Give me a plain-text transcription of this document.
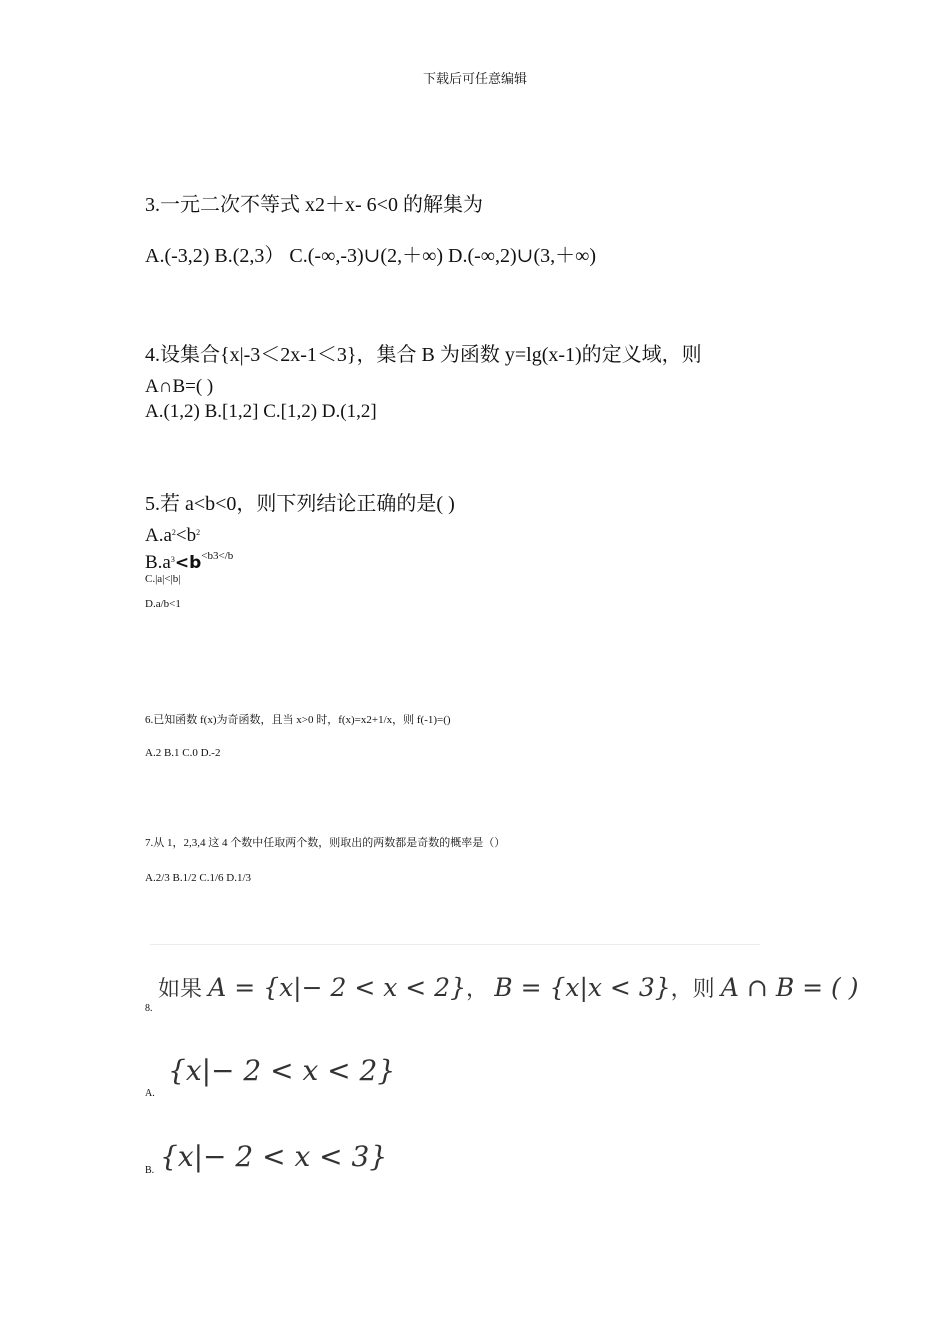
下载后可任意编辑
3.一元二次不等式 x2＋x- 6<0 的解集为
A.(-3,2) B.(2,3） C.(-∞,-3)∪(2,＋∞) D.(-∞,2)∪(3,＋∞)
4.设集合{x|-3＜2x-1＜3}，集合 B 为函数 y=lg(x-1)的定义域，则
A∩B=( )
A.(1,2) B.[1,2] C.[1,2) D.(1,2]
5.若 a<b<0，则下列结论正确的是( )
$A.a^2<b^2$
$B.a^3<b^{<b3</b}$
C.|a|<|b|
D.a/b<1
6.已知函数 f(x)为奇函数，且当 x>0 时，f(x)=x2+1/x，则 f(-1)=()
A.2 B.1 C.0 D.-2
7.从 1，2,3,4 这 4 个数中任取两个数，则取出的两数都是奇数的概率是（）
A.2/3 B.1/2 C.1/6 D.1/3
8.
如果 A = {x|− 2 < x < 2}， B = {x|x < 3}，则 A ∩ B = ( )
A.
{x|− 2 < x < 2}
B. {x|− 2 < x < 3}
